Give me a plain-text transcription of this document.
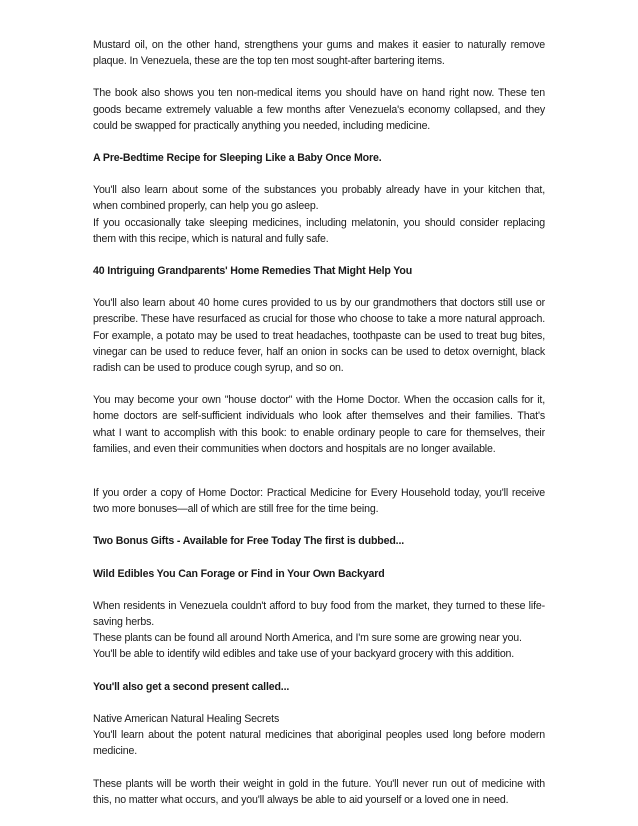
Mustard oil, on the other hand, strengthens your gums and makes it easier to naturally remove plaque. In Venezuela, these are the top ten most sought-after bartering items.

The book also shows you ten non-medical items you should have on hand right now. These ten goods became extremely valuable a few months after Venezuela's economy collapsed, and they could be swapped for practically anything you needed, including medicine.

A Pre-Bedtime Recipe for Sleeping Like a Baby Once More.

You'll also learn about some of the substances you probably already have in your kitchen that, when combined properly, can help you go asleep.

If you occasionally take sleeping medicines, including melatonin, you should consider replacing them with this recipe, which is natural and fully safe.

40 Intriguing Grandparents' Home Remedies That Might Help You

You'll also learn about 40 home cures provided to us by our grandmothers that doctors still use or prescribe. These have resurfaced as crucial for those who choose to take a more natural approach. For example, a potato may be used to treat headaches, toothpaste can be used to treat bug bites, vinegar can be used to reduce fever, half an onion in socks can be used to detox overnight, black radish can be used to produce cough syrup, and so on.

You may become your own "house doctor" with the Home Doctor. When the occasion calls for it, home doctors are self-sufficient individuals who look after themselves and their families. That's what I want to accomplish with this book: to enable ordinary people to care for themselves, their families, and even their communities when doctors and hospitals are no longer available.

If you order a copy of Home Doctor: Practical Medicine for Every Household today, you'll receive two more bonuses—all of which are still free for the time being.

Two Bonus Gifts - Available for Free Today The first is dubbed...

Wild Edibles You Can Forage or Find in Your Own Backyard

When residents in Venezuela couldn't afford to buy food from the market, they turned to these life-saving herbs.

These plants can be found all around North America, and I'm sure some are growing near you.

You'll be able to identify wild edibles and take use of your backyard grocery with this addition.

You'll also get a second present called...

Native American Natural Healing Secrets

You'll learn about the potent natural medicines that aboriginal peoples used long before modern medicine.

These plants will be worth their weight in gold in the future. You'll never run out of medicine with this, no matter what occurs, and you'll always be able to aid yourself or a loved one in need.
